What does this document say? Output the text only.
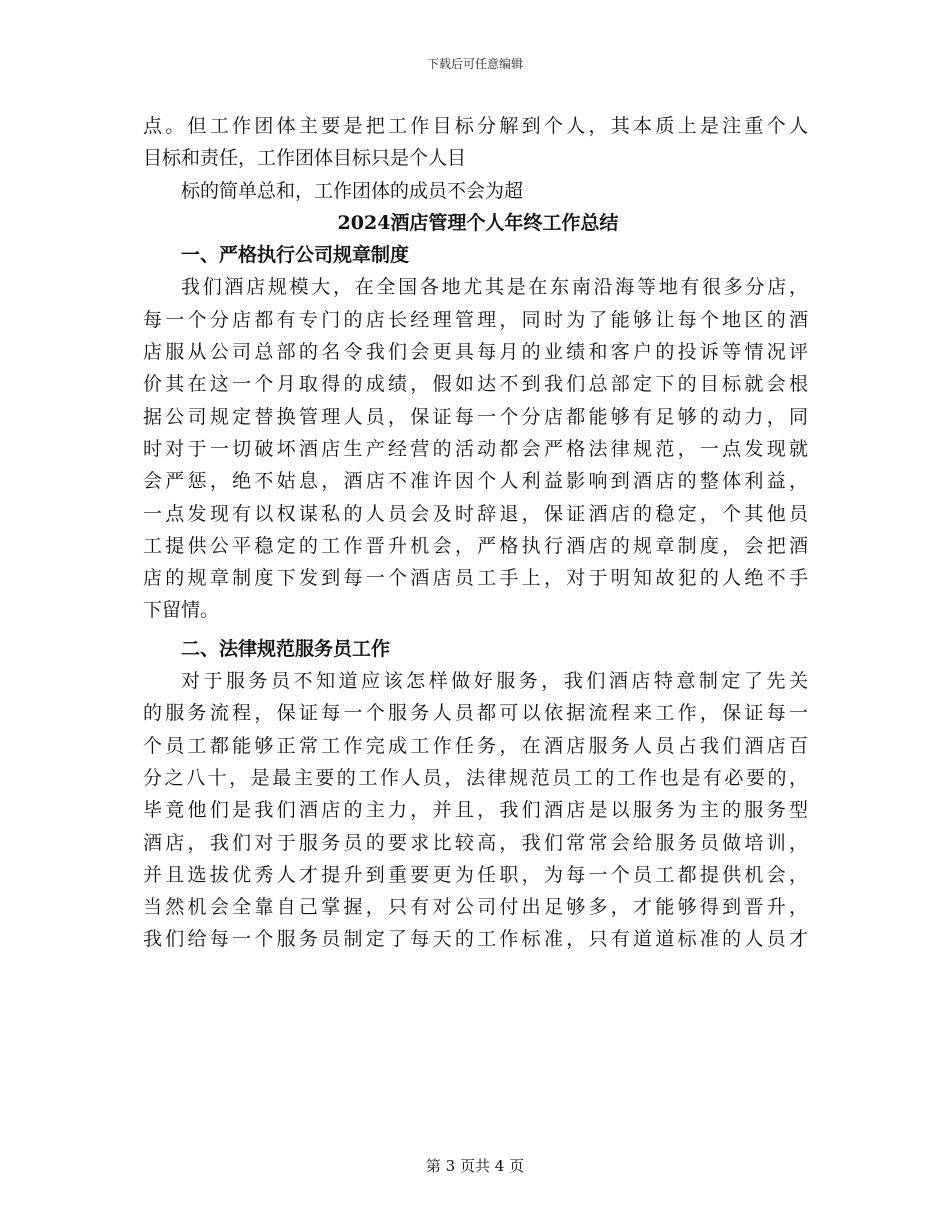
下载后可任意编辑
点。但工作团体主要是把工作目标分解到个人，其本质上是注重个人
目标和责任，工作团体目标只是个人目
标的简单总和，工作团体的成员不会为超
2024酒店管理个人年终工作总结
一、严格执行公司规章制度
我们酒店规模大，在全国各地尤其是在东南沿海等地有很多分店，
每一个分店都有专门的店长经理管理，同时为了能够让每个地区的酒
店服从公司总部的名令我们会更具每月的业绩和客户的投诉等情况评
价其在这一个月取得的成绩，假如达不到我们总部定下的目标就会根
据公司规定替换管理人员，保证每一个分店都能够有足够的动力，同
时对于一切破坏酒店生产经营的活动都会严格法律规范，一点发现就
会严惩，绝不姑息，酒店不准许因个人利益影响到酒店的整体利益，
一点发现有以权谋私的人员会及时辞退，保证酒店的稳定，个其他员
工提供公平稳定的工作晋升机会，严格执行酒店的规章制度，会把酒
店的规章制度下发到每一个酒店员工手上，对于明知故犯的人绝不手
下留情。
二、法律规范服务员工作
对于服务员不知道应该怎样做好服务，我们酒店特意制定了先关
的服务流程，保证每一个服务人员都可以依据流程来工作，保证每一
个员工都能够正常工作完成工作任务，在酒店服务人员占我们酒店百
分之八十，是最主要的工作人员，法律规范员工的工作也是有必要的，
毕竟他们是我们酒店的主力，并且，我们酒店是以服务为主的服务型
酒店，我们对于服务员的要求比较高，我们常常会给服务员做培训，
并且选拔优秀人才提升到重要更为任职，为每一个员工都提供机会，
当然机会全靠自己掌握，只有对公司付出足够多，才能够得到晋升，
我们给每一个服务员制定了每天的工作标准，只有道道标准的人员才
第 3 页共 4 页
